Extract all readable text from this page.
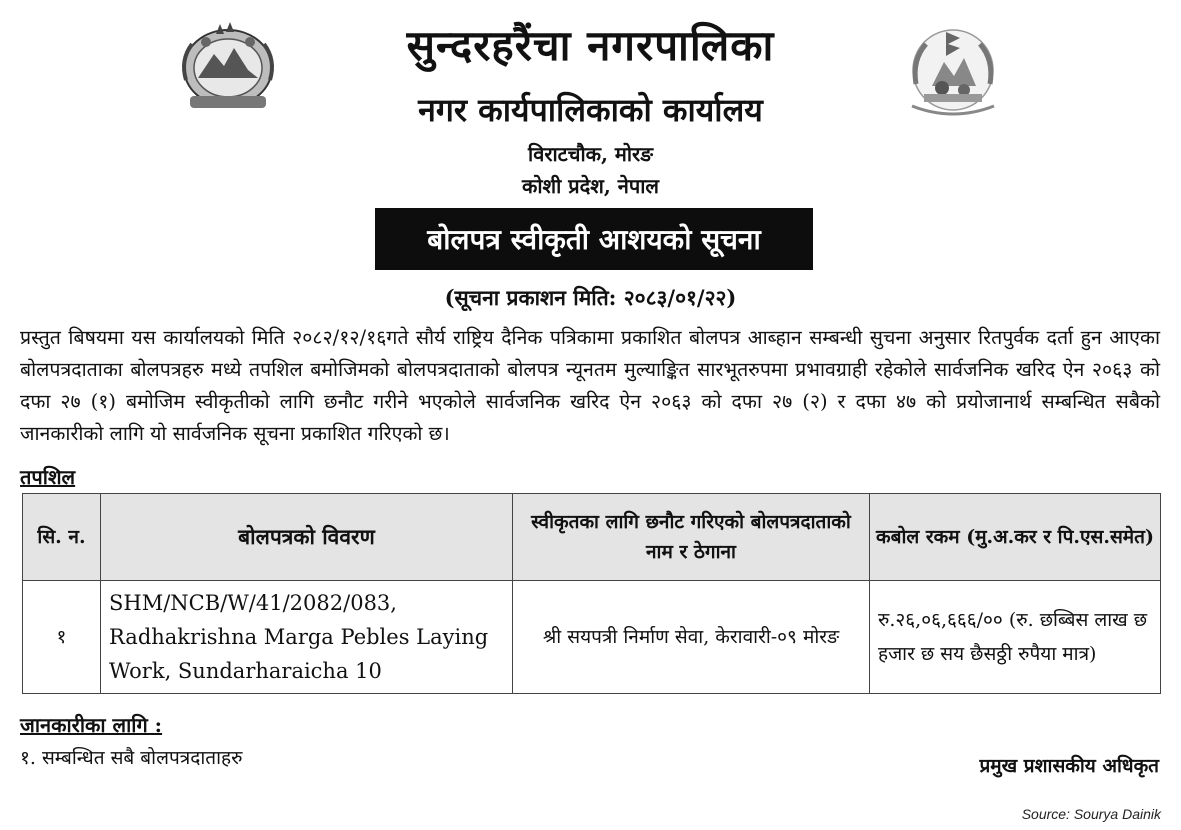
सुन्दरहरैंचा नगरपालिका
नगर कार्यपालिकाको कार्यालय
विराटचौक, मोरङ
कोशी प्रदेश, नेपाल
बोलपत्र स्वीकृती आशयको सूचना
(सूचना प्रकाशन मिति: २०८३/०१/२२)
प्रस्तुत बिषयमा यस कार्यालयको मिति २०८२/१२/१६गते सौर्य राष्ट्रिय दैनिक पत्रिकामा प्रकाशित बोलपत्र आब्हान सम्बन्धी सुचना अनुसार रितपुर्वक दर्ता हुन आएका बोलपत्रदाताका बोलपत्रहरु मध्ये तपशिल बमोजिमको बोलपत्रदाताको बोलपत्र न्यूनतम मुल्याङ्कित सारभूतरुपमा प्रभावग्राही रहेकोले सार्वजनिक खरिद ऐन २०६३ को दफा २७ (१) बमोजिम स्वीकृतीको लागि छनौट गरीने भएकोले सार्वजनिक खरिद ऐन २०६३ को दफा २७ (२) र दफा ४७ को प्रयोजानार्थ सम्बन्धित सबैको जानकारीको लागि यो सार्वजनिक सूचना प्रकाशित गरिएको छ।
तपशिल
सि. न.	बोलपत्रको विवरण	स्वीकृतका लागि छनौट गरिएको बोलपत्रदाताको नाम र ठेगाना	कबोल रकम (मु.अ.कर र पि.एस.समेत)
१	SHM/NCB/W/41/2082/083, Radhakrishna Marga Pebles Laying Work, Sundarharaicha 10	श्री सयपत्री निर्माण सेवा, केरावारी-०९ मोरङ	रु.२६,०६,६६६/०० (रु. छब्बिस लाख छ हजार छ सय छैसठ्ठी रुपैया मात्र)
जानकारीका लागि :
१. सम्बन्धित सबै बोलपत्रदाताहरु	प्रमुख प्रशासकीय अधिकृत
Source: Sourya Dainik
